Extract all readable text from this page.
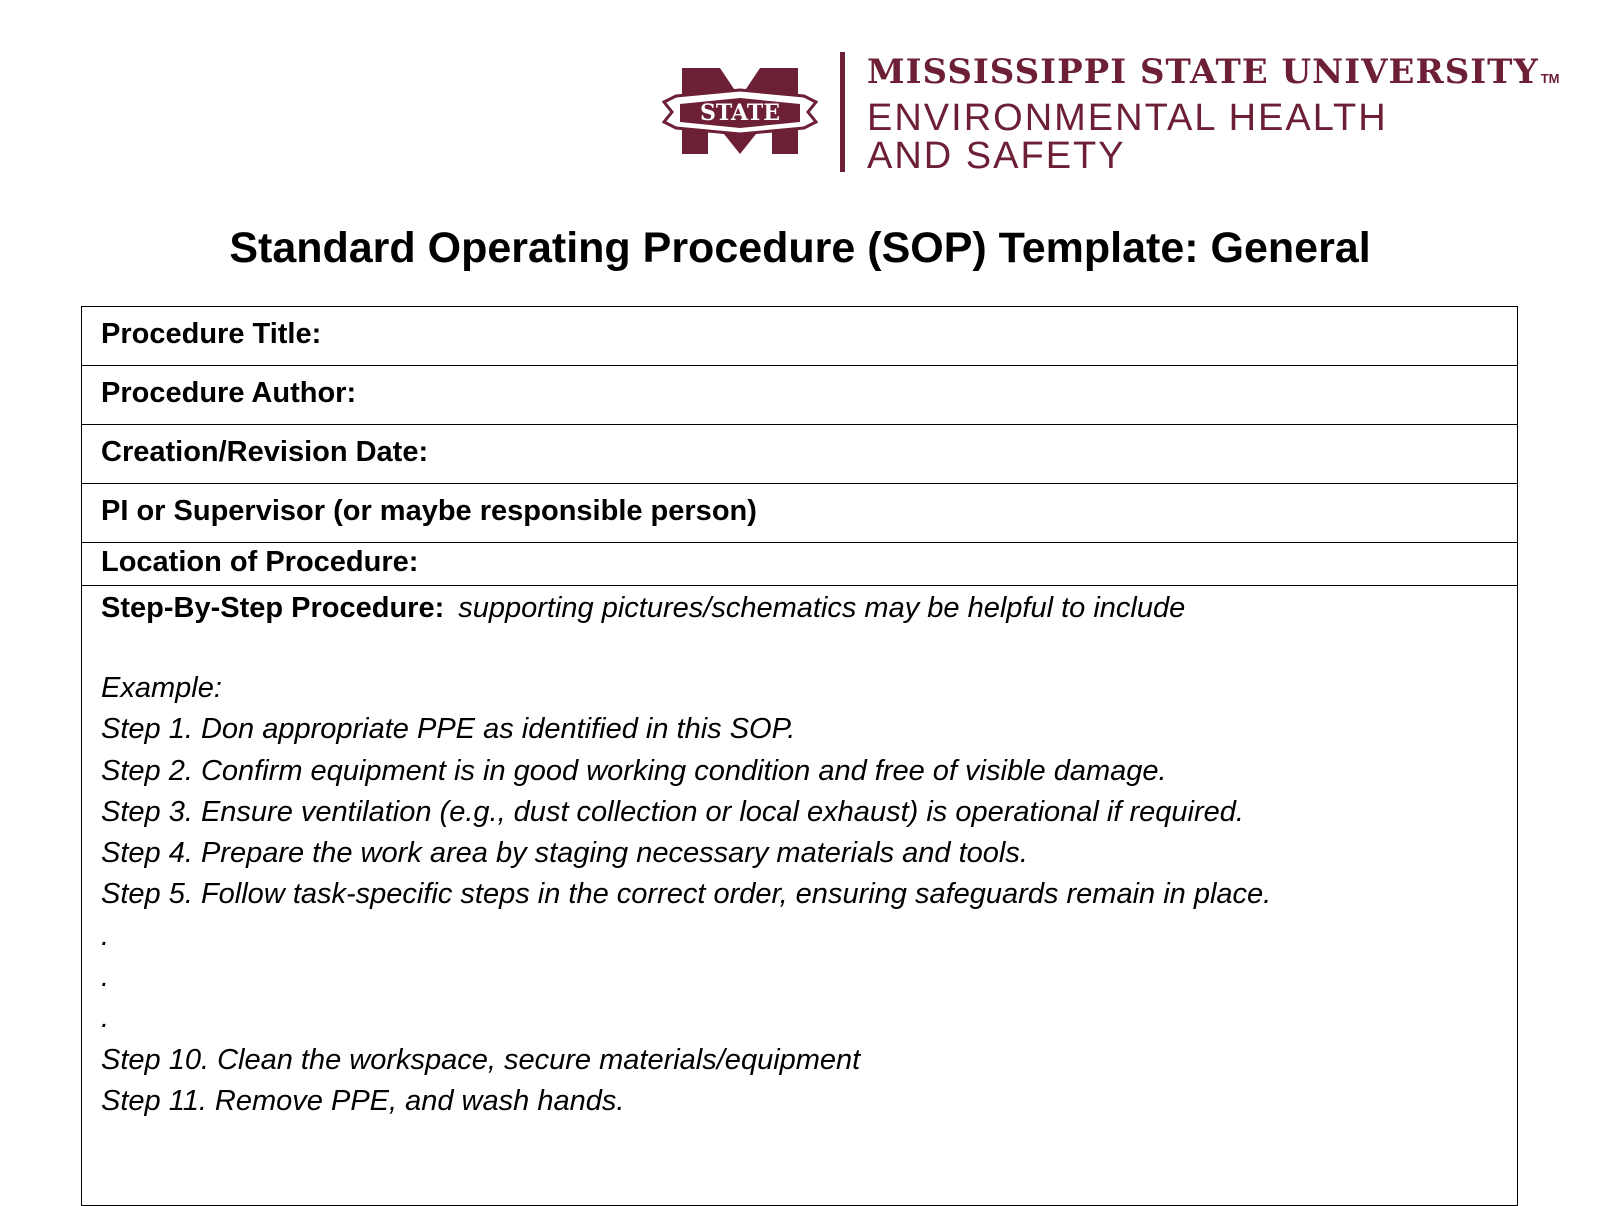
STATE
MISSISSIPPI STATE UNIVERSITY TM
ENVIRONMENTAL HEALTH
AND SAFETY
Standard Operating Procedure (SOP) Template: General
Procedure Title:
Procedure Author:
Creation/Revision Date:
PI or Supervisor (or maybe responsible person)
Location of Procedure:
Step-By-Step Procedure: supporting pictures/schematics may be helpful to include
Example:
Step 1. Don appropriate PPE as identified in this SOP.
Step 2. Confirm equipment is in good working condition and free of visible damage.
Step 3. Ensure ventilation (e.g., dust collection or local exhaust) is operational if required.
Step 4. Prepare the work area by staging necessary materials and tools.
Step 5. Follow task-specific steps in the correct order, ensuring safeguards remain in place.
.
.
.
Step 10. Clean the workspace, secure materials/equipment
Step 11. Remove PPE, and wash hands.
